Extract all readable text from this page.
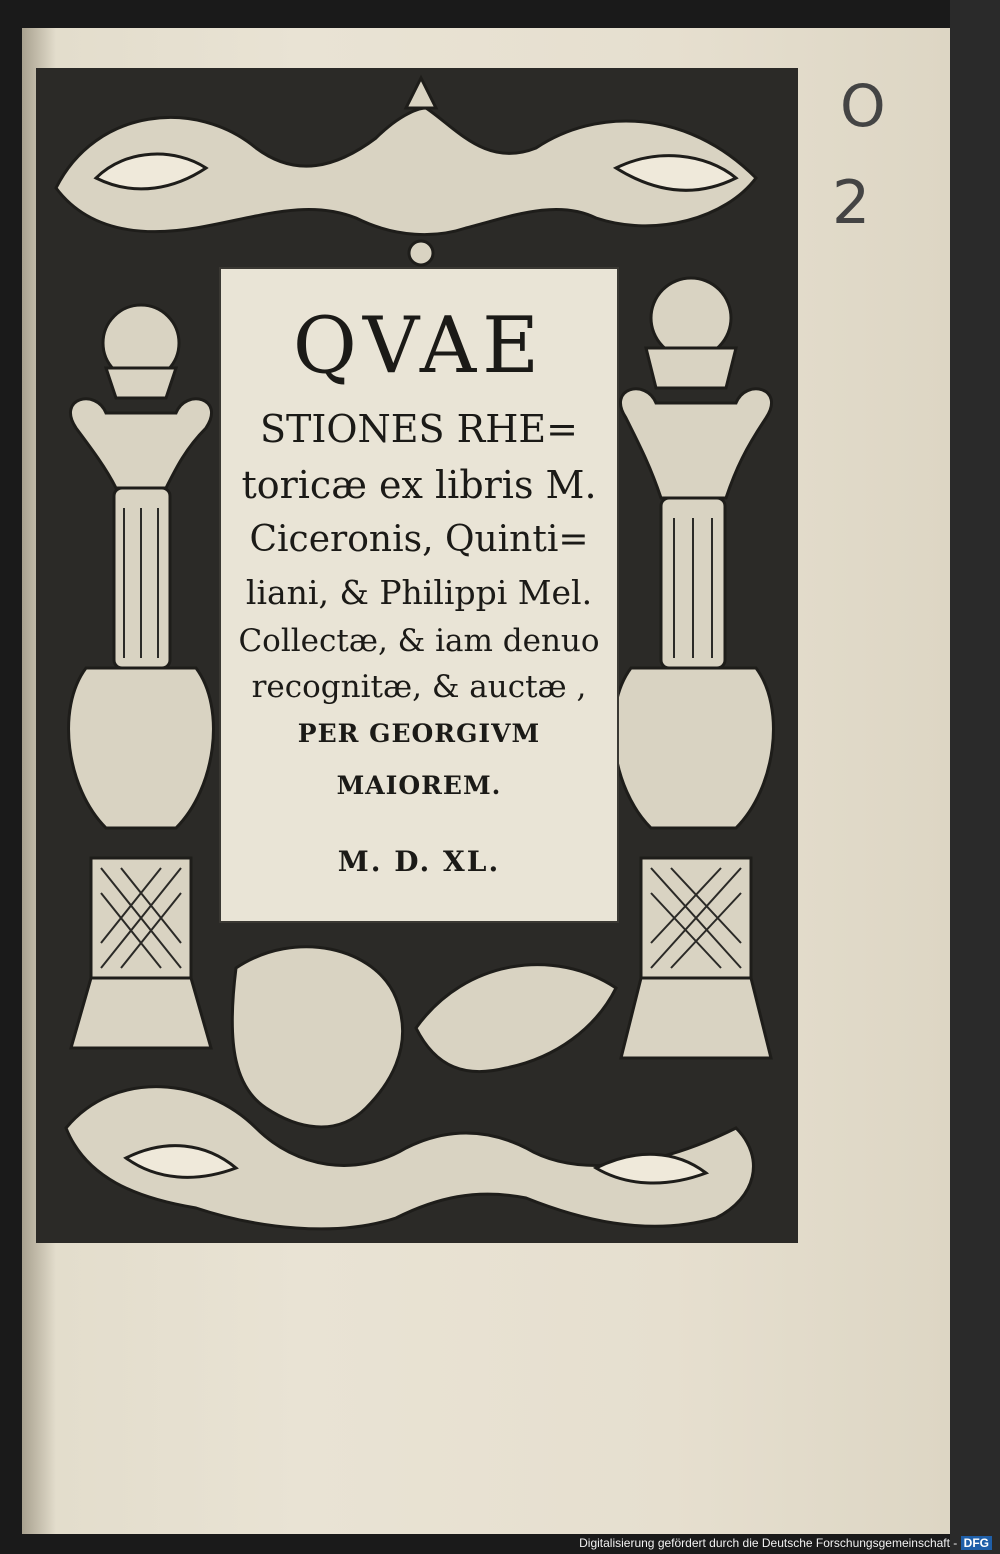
QVAE
STIONES RHE=
toricæ ex libris M.
Ciceronis, Quinti=
liani, & Philippi Mel.
Collectæ, & iam denuo
recognitæ, & auctæ ,
PER GEORGIVM
MAIOREM.
M. D. XL.
O
2
Digitalisierung gefördert durch die Deutsche Forschungsgemeinschaft - DFG
